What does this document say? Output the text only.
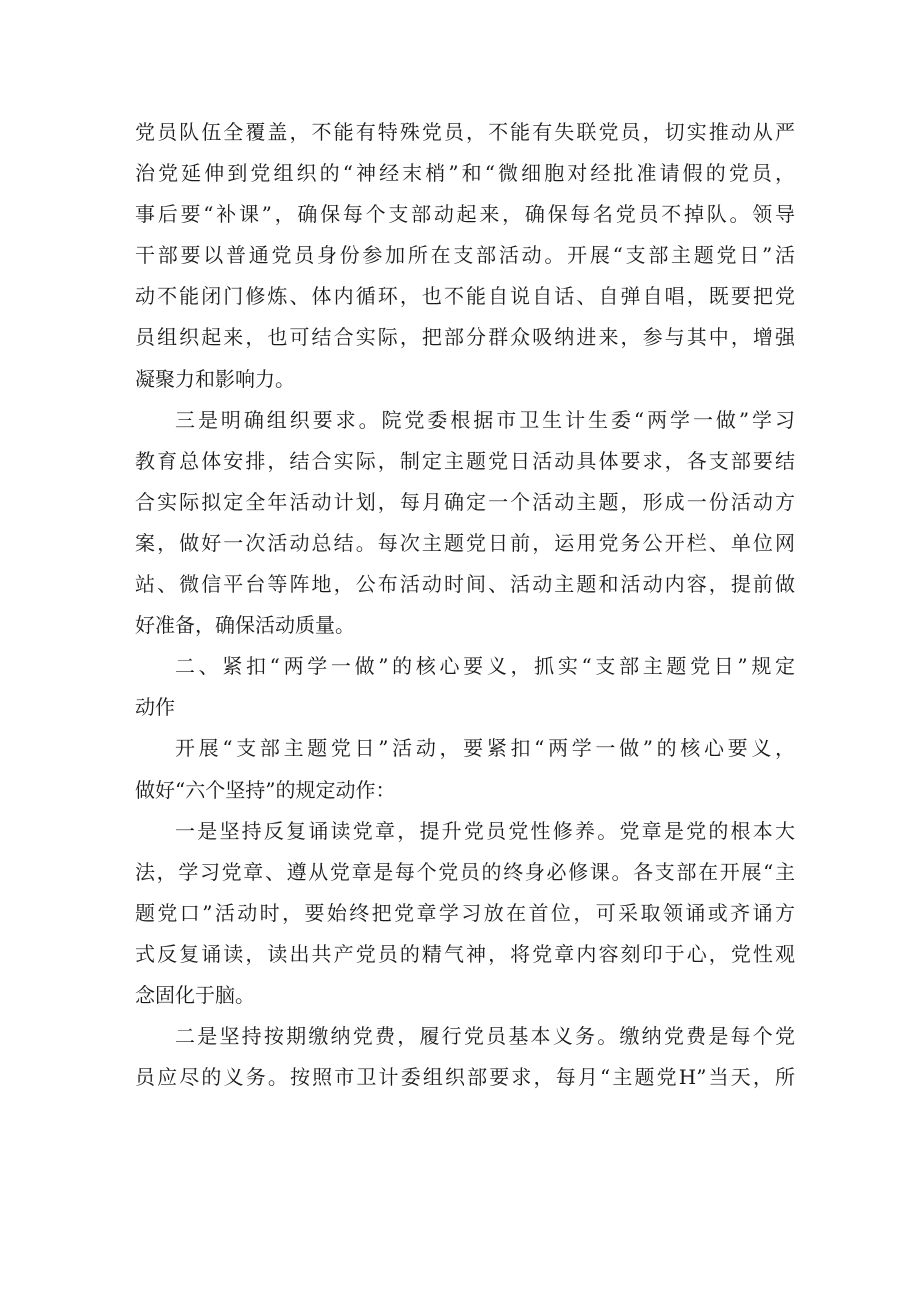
党员队伍全覆盖，不能有特殊党员，不能有失联党员，切实推动从严
治党延伸到党组织的“神经末梢”和“微细胞对经批准请假的党员，
事后要“补课”，确保每个支部动起来，确保每名党员不掉队。领导
干部要以普通党员身份参加所在支部活动。开展“支部主题党日”活
动不能闭门修炼、体内循环，也不能自说自话、自弹自唱，既要把党
员组织起来，也可结合实际，把部分群众吸纳进来，参与其中，增强
凝聚力和影响力。
三是明确组织要求。院党委根据市卫生计生委“两学一做”学习
教育总体安排，结合实际，制定主题党日活动具体要求，各支部要结
合实际拟定全年活动计划，每月确定一个活动主题，形成一份活动方
案，做好一次活动总结。每次主题党日前，运用党务公开栏、单位网
站、微信平台等阵地，公布活动时间、活动主题和活动内容，提前做
好准备，确保活动质量。
二、紧扣“两学一做”的核心要义，抓实“支部主题党日”规定
动作
开展“支部主题党日”活动，要紧扣“两学一做”的核心要义，
做好“六个坚持”的规定动作：
一是坚持反复诵读党章，提升党员党性修养。党章是党的根本大
法，学习党章、遵从党章是每个党员的终身必修课。各支部在开展“主
题党口”活动时，要始终把党章学习放在首位，可采取领诵或齐诵方
式反复诵读，读出共产党员的精气神，将党章内容刻印于心，党性观
念固化于脑。
二是坚持按期缴纳党费，履行党员基本义务。缴纳党费是每个党
员应尽的义务。按照市卫计委组织部要求，每月“主题党H”当天，所
